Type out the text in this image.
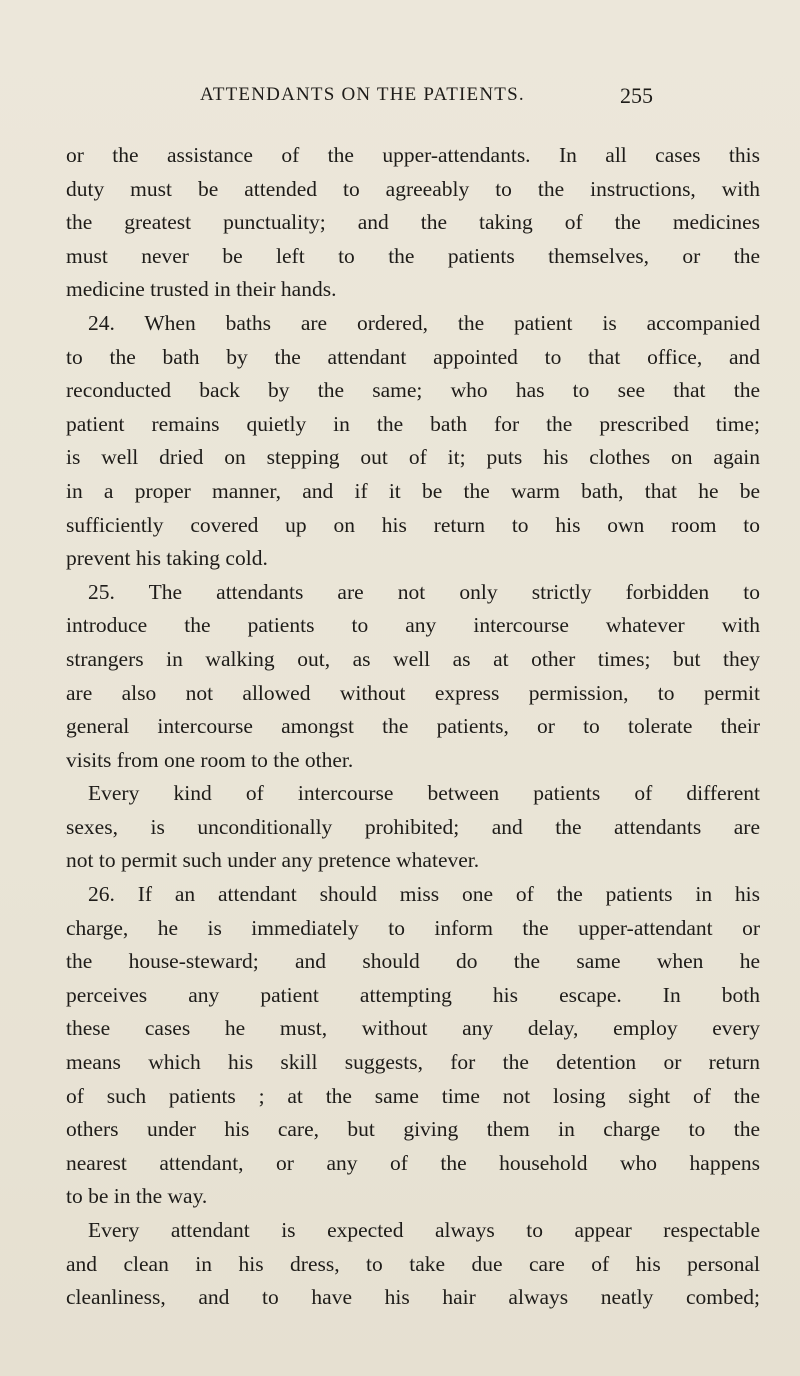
ATTENDANTS ON THE PATIENTS.	255
or the assistance of the upper-attendants. In all cases this
duty must be attended to agreeably to the instructions, with
the greatest punctuality; and the taking of the medicines
must never be left to the patients themselves, or the
medicine trusted in their hands.
24. When baths are ordered, the patient is accompanied
to the bath by the attendant appointed to that office, and
reconducted back by the same; who has to see that the
patient remains quietly in the bath for the prescribed time;
is well dried on stepping out of it; puts his clothes on again
in a proper manner, and if it be the warm bath, that he be
sufficiently covered up on his return to his own room to
prevent his taking cold.
25. The attendants are not only strictly forbidden to
introduce the patients to any intercourse whatever with
strangers in walking out, as well as at other times; but they
are also not allowed without express permission, to permit
general intercourse amongst the patients, or to tolerate their
visits from one room to the other.
Every kind of intercourse between patients of different
sexes, is unconditionally prohibited; and the attendants are
not to permit such under any pretence whatever.
26. If an attendant should miss one of the patients in his
charge, he is immediately to inform the upper-attendant or
the house-steward; and should do the same when he
perceives any patient attempting his escape. In both
these cases he must, without any delay, employ every
means which his skill suggests, for the detention or return
of such patients ; at the same time not losing sight of the
others under his care, but giving them in charge to the
nearest attendant, or any of the household who happens
to be in the way.
Every attendant is expected always to appear respectable
and clean in his dress, to take due care of his personal
cleanliness, and to have his hair always neatly combed;
